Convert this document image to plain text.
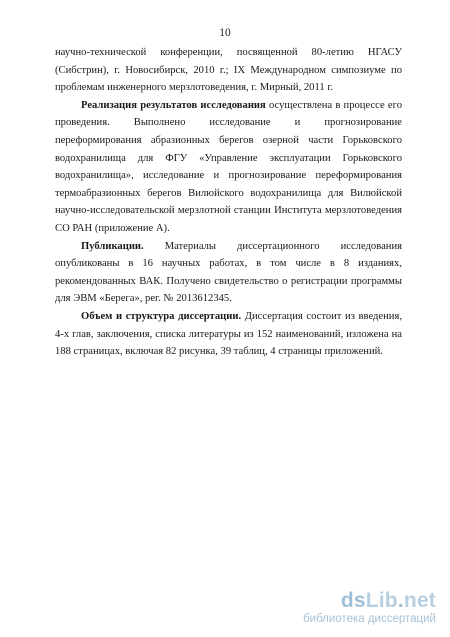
10

научно-технической конференции, посвященной 80-летию НГАСУ (Сибстрин), г. Новосибирск, 2010 г.; IX Международном симпозиуме по проблемам инженерного мерзлотоведения, г. Мирный, 2011 г.

Реализация результатов исследования осуществлена в процессе его проведения. Выполнено исследование и прогнозирование переформирования абразионных берегов озерной части Горьковского водохранилища для ФГУ «Управление эксплуатации Горьковского водохранилища», исследование и прогнозирование переформирования термоабразионных берегов Вилюйского водохранилища для Вилюйской научно-исследовательской мерзлотной станции Института мерзлотоведения СО РАН (приложение А).

Публикации. Материалы диссертационного исследования опубликованы в 16 научных работах, в том числе в 8 изданиях, рекомендованных ВАК. Получено свидетельство о регистрации программы для ЭВМ «Берега», рег. № 2013612345.

Объем и структура диссертации. Диссертация состоит из введения, 4-х глав, заключения, списка литературы из 152 наименований, изложена на 188 страницах, включая 82 рисунка, 39 таблиц, 4 страницы приложений.

dsLib.net
библиотека диссертаций
